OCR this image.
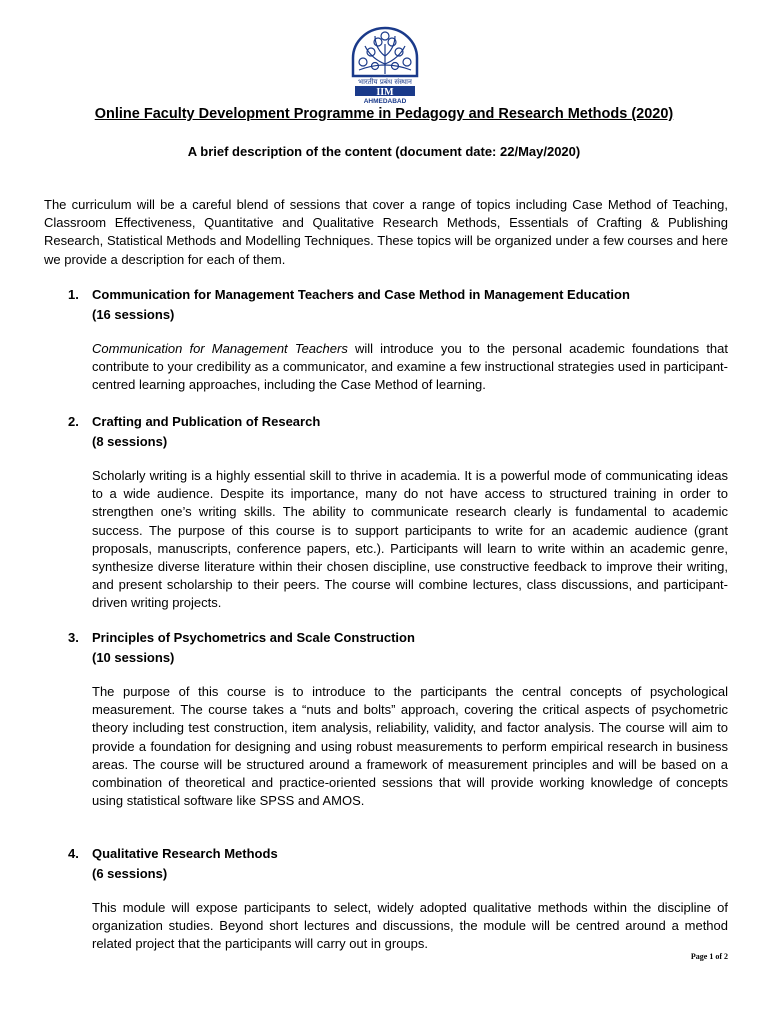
भारतीय प्रबंध संस्थान
IIM
AHMEDABAD
Online Faculty Development Programme in Pedagogy and Research Methods (2020)
A brief description of the content (document date: 22/May/2020)

The curriculum will be a careful blend of sessions that cover a range of topics including Case Method of Teaching, Classroom Effectiveness, Quantitative and Qualitative Research Methods, Essentials of Crafting & Publishing Research, Statistical Methods and Modelling Techniques. These topics will be organized under a few courses and here we provide a description for each of them.

1. Communication for Management Teachers and Case Method in Management Education
(16 sessions)

Communication for Management Teachers will introduce you to the personal academic foundations that contribute to your credibility as a communicator, and examine a few instructional strategies used in participant-centred learning approaches, including the Case Method of learning.

2. Crafting and Publication of Research
(8 sessions)

Scholarly writing is a highly essential skill to thrive in academia. It is a powerful mode of communicating ideas to a wide audience. Despite its importance, many do not have access to structured training in order to strengthen one’s writing skills. The ability to communicate research clearly is fundamental to academic success. The purpose of this course is to support participants to write for an academic audience (grant proposals, manuscripts, conference papers, etc.). Participants will learn to write within an academic genre, synthesize diverse literature within their chosen discipline, use constructive feedback to improve their writing, and present scholarship to their peers. The course will combine lectures, class discussions, and participant-driven writing projects.

3. Principles of Psychometrics and Scale Construction
(10 sessions)

The purpose of this course is to introduce to the participants the central concepts of psychological measurement. The course takes a “nuts and bolts” approach, covering the critical aspects of psychometric theory including test construction, item analysis, reliability, validity, and factor analysis. The course will aim to provide a foundation for designing and using robust measurements to perform empirical research in business areas. The course will be structured around a framework of measurement principles and will be based on a combination of theoretical and practice-oriented sessions that will provide working knowledge of concepts using statistical software like SPSS and AMOS.

4. Qualitative Research Methods
(6 sessions)

This module will expose participants to select, widely adopted qualitative methods within the discipline of organization studies. Beyond short lectures and discussions, the module will be centred around a method related project that the participants will carry out in groups.

Page 1 of 2
